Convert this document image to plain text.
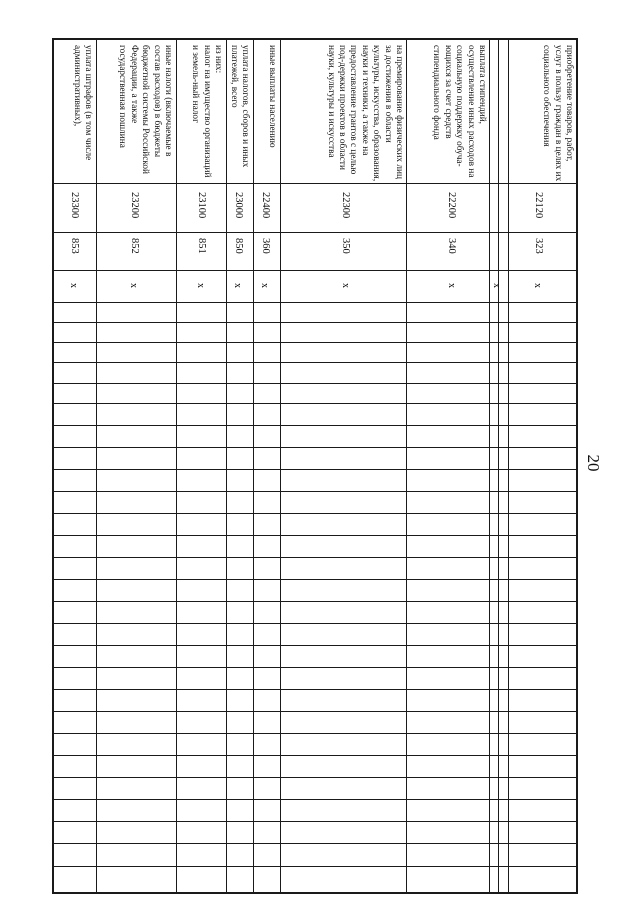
20
приобретение товаров, работ, услуг в пользу граждан в целях их социального обеспечения
22120
323
x
x
выплата стипендий, осуществление иных расходов на социальную поддержку обуча-ющихся за счет средств стипендиального фонда
22200
340
x
на премирование физических лиц за достижения в области культуры, искусства, образования, науки и техники, а также на предоставление грантов с целью под-держки проектов в области науки, культуры и искусства
22300
350
x
иные выплаты населению
22400
360
x
уплата налогов, сборов и иных платежей, всего
23000
850
x
из них:
налог на имущество организаций и земель-ный налог
23100
851
x
иные налоги (включаемые в состав расходов) в бюджеты бюджетной системы Российской Федерации, а также государственная пошлина
23200
852
x
уплата штрафов (в том числе административных),
23300
853
x
